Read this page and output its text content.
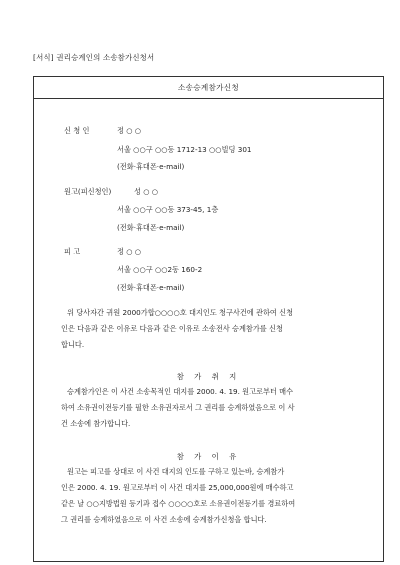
[서식] 권리승계인의 소송참가신청서
소송승계참가신청
신 청 인	정 ○ ○
서울 ○○구 ○○동 1712-13 ○○빌딩 301
(전화·휴대폰·e-mail)
원고(피신청인)	성 ○ ○
서울 ○○구 ○○동 373-45, 1층
(전화·휴대폰·e-mail)
피 고	정 ○ ○
서울 ○○구 ○○2동 160-2
(전화·휴대폰·e-mail)
위 당사자간 귀원 2000가합○○○○호 대지인도 청구사건에 관하여 신청
인은 다음과 같은 이유로 다음과 같은 이유로 소송전사 승계참가를 신청
합니다.
참 가 취 지
승계참가인은 이 사건 소송목적인 대지를 2000. 4. 19. 원고로부터 매수
하여 소유권이전등기를 필한 소유권자로서 그 권리를 승계하였음으로 이 사
건 소송에 참가합니다.
참 가 이 유
원고는 피고를 상대로 이 사건 대지의 인도를 구하고 있는바, 승계참가
인은 2000. 4. 19. 원고로부터 이 사건 대지를 25,000,000원에 매수하고
같은 날 ○○지방법원 등기과 접수 ○○○○호로 소유권이전등기를 경료하여
그 권리를 승계하였음으로 이 사건 소송에 승계참가신청을 합니다.
